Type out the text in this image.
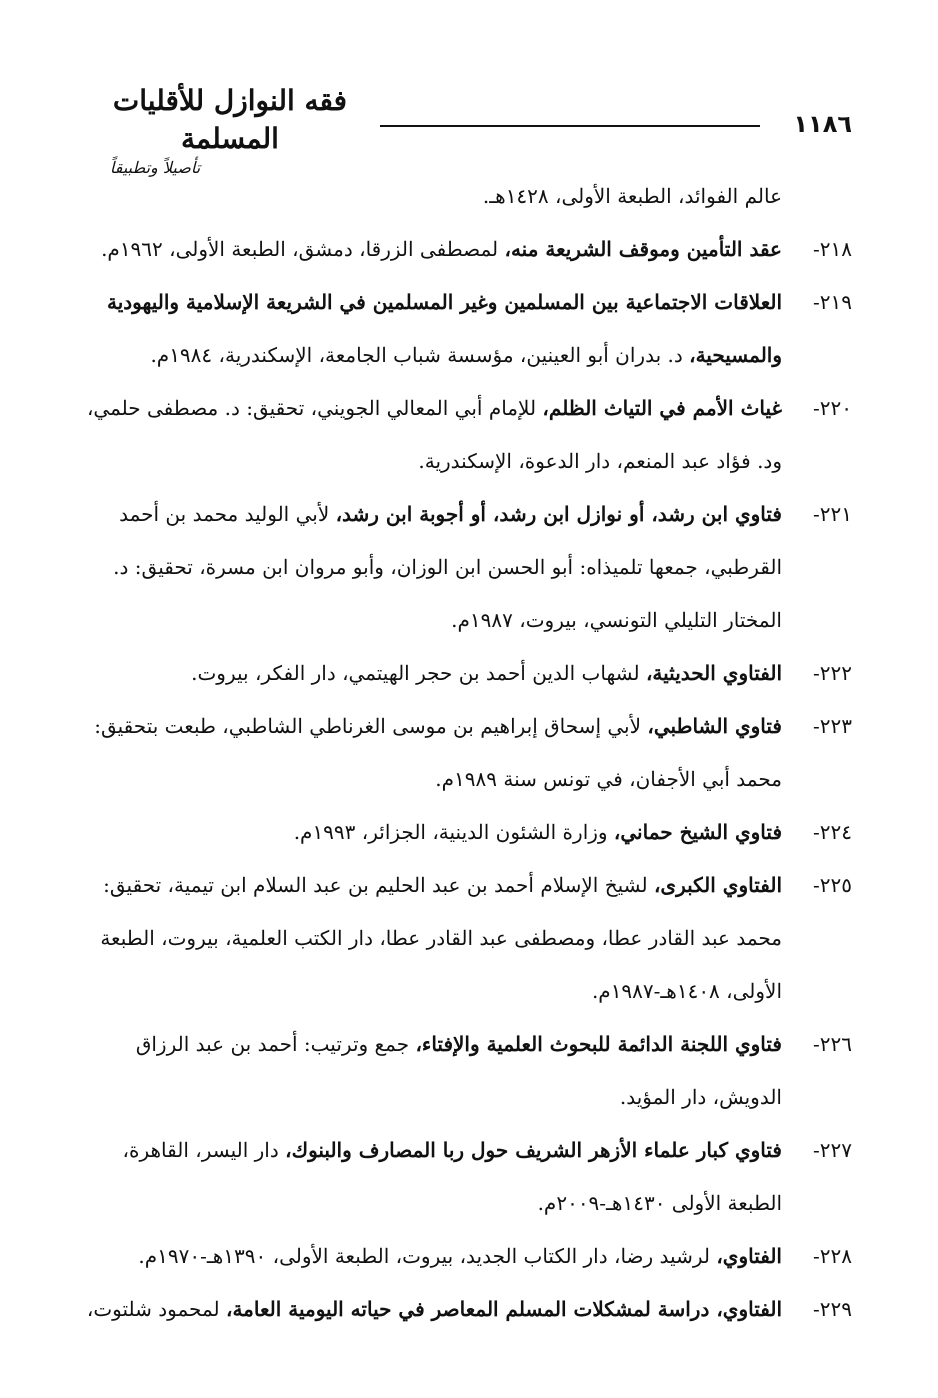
١١٨٦
فقه النوازل للأقليات المسلمة
تأصيلاً وتطبيقاً

عالم الفوائد، الطبعة الأولى، ١٤٢٨هـ.

٢١٨-
عقد التأمين وموقف الشريعة منه، لمصطفى الزرقا، دمشق، الطبعة الأولى، ١٩٦٢م.

٢١٩-
العلاقات الاجتماعية بين المسلمين وغير المسلمين في الشريعة الإسلامية واليهودية والمسيحية، د. بدران أبو العينين، مؤسسة شباب الجامعة، الإسكندرية، ١٩٨٤م.

٢٢٠-
غياث الأمم في التياث الظلم، للإمام أبي المعالي الجويني، تحقيق: د. مصطفى حلمي، ود. فؤاد عبد المنعم، دار الدعوة، الإسكندرية.

٢٢١-
فتاوي ابن رشد، أو نوازل ابن رشد، أو أجوبة ابن رشد، لأبي الوليد محمد بن أحمد القرطبي، جمعها تلميذاه: أبو الحسن ابن الوزان، وأبو مروان ابن مسرة، تحقيق: د. المختار التليلي التونسي، بيروت، ١٩٨٧م.

٢٢٢-
الفتاوي الحديثية، لشهاب الدين أحمد بن حجر الهيتمي، دار الفكر، بيروت.

٢٢٣-
فتاوي الشاطبي، لأبي إسحاق إبراهيم بن موسى الغرناطي الشاطبي، طبعت بتحقيق: محمد أبي الأجفان، في تونس سنة ١٩٨٩م.

٢٢٤-
فتاوي الشيخ حماني، وزارة الشئون الدينية، الجزائر، ١٩٩٣م.

٢٢٥-
الفتاوي الكبرى، لشيخ الإسلام أحمد بن عبد الحليم بن عبد السلام ابن تيمية، تحقيق: محمد عبد القادر عطا، ومصطفى عبد القادر عطا، دار الكتب العلمية، بيروت، الطبعة الأولى، ١٤٠٨هـ-١٩٨٧م.

٢٢٦-
فتاوي اللجنة الدائمة للبحوث العلمية والإفتاء، جمع وترتيب: أحمد بن عبد الرزاق الدويش، دار المؤيد.

٢٢٧-
فتاوي كبار علماء الأزهر الشريف حول ربا المصارف والبنوك، دار اليسر، القاهرة، الطبعة الأولى ١٤٣٠هـ-٢٠٠٩م.

٢٢٨-
الفتاوي، لرشيد رضا، دار الكتاب الجديد، بيروت، الطبعة الأولى، ١٣٩٠هـ-١٩٧٠م.

٢٢٩-
الفتاوي، دراسة لمشكلات المسلم المعاصر في حياته اليومية العامة، لمحمود شلتوت،
